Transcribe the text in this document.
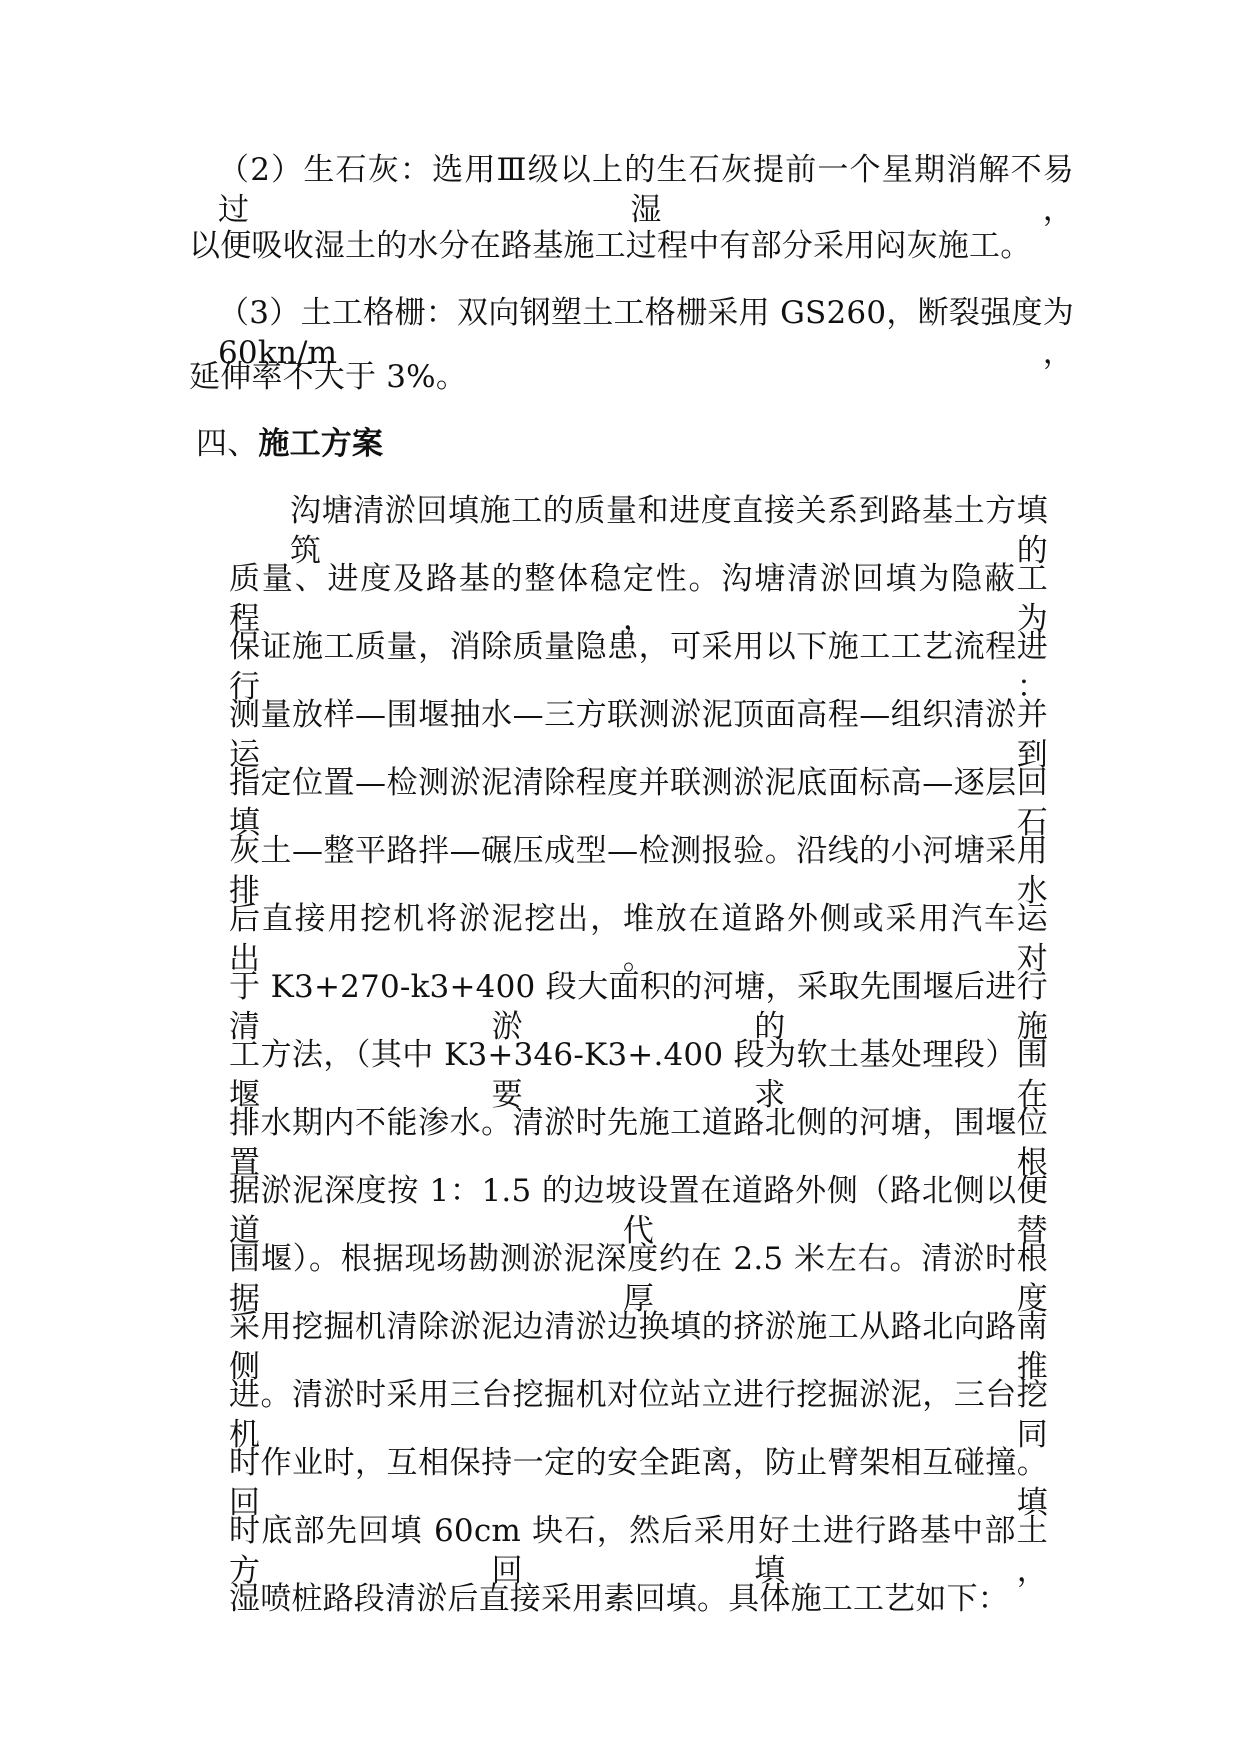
（2）生石灰：选用Ⅲ级以上的生石灰提前一个星期消解不易过湿，
以便吸收湿土的水分在路基施工过程中有部分采用闷灰施工。
（3）土工格栅：双向钢塑土工格栅采用 GS260，断裂强度为 60kn/m，
延伸率不大于 3%。
四、施工方案
沟塘清淤回填施工的质量和进度直接关系到路基土方填筑的
质量、进度及路基的整体稳定性。沟塘清淤回填为隐蔽工程，为
保证施工质量，消除质量隐患，可采用以下施工工艺流程进行：
测量放样—围堰抽水—三方联测淤泥顶面高程—组织清淤并运到
指定位置—检测淤泥清除程度并联测淤泥底面标高—逐层回填石
灰土—整平路拌—碾压成型—检测报验。沿线的小河塘采用排水
后直接用挖机将淤泥挖出，堆放在道路外侧或采用汽车运出。对
于 K3+270-k3+400 段大面积的河塘，采取先围堰后进行清淤的施
工方法，（其中 K3+346-K3+.400 段为软土基处理段）围堰要求在
排水期内不能渗水。清淤时先施工道路北侧的河塘，围堰位置根
据淤泥深度按 1：1.5 的边坡设置在道路外侧（路北侧以便道代替
围堰）。根据现场勘测淤泥深度约在 2.5 米左右。清淤时根据厚度
采用挖掘机清除淤泥边清淤边换填的挤淤施工从路北向路南侧推
进。清淤时采用三台挖掘机对位站立进行挖掘淤泥，三台挖机同
时作业时，互相保持一定的安全距离，防止臂架相互碰撞。回填
时底部先回填 60cm 块石，然后采用好土进行路基中部土方回填，
湿喷桩路段清淤后直接采用素回填。具体施工工艺如下：
